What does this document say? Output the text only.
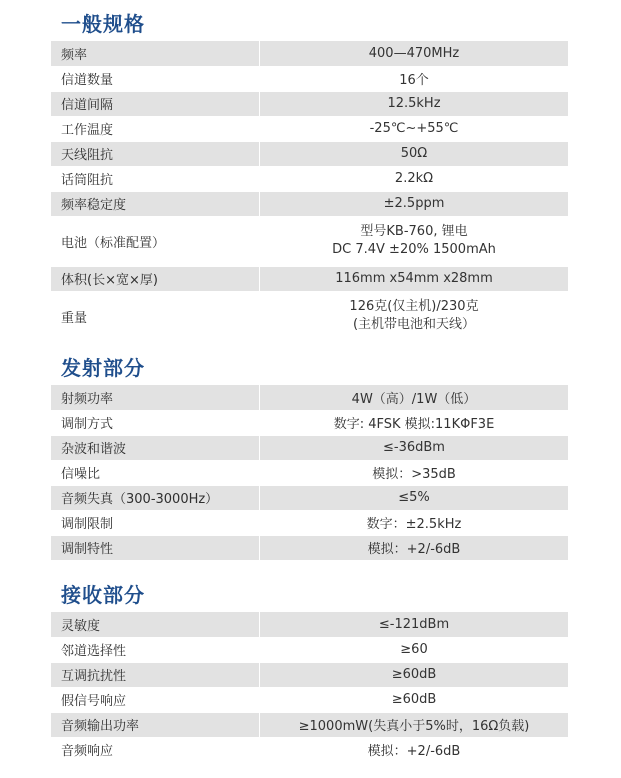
一般规格
频率		400—470MHz
信道数量		16个
信道间隔		12.5kHz
工作温度		-25℃~+55℃
天线阻抗		50Ω
话筒阻抗		2.2kΩ
频率稳定度		±2.5ppm
电池（标准配置）		型号KB-760, 锂电
DC 7.4V ±20% 1500mAh

体积(长×宽×厚)		116mm x54mm x28mm
重量		126克(仅主机)/230克
(主机带电池和天线）
发射部分
射频功率		4W（高）/1W（低）
调制方式		数字: 4FSK 模拟:11KΦF3E
杂波和谐波		≤-36dBm
信噪比		模拟：>35dB
音频失真（300-3000Hz）		≤5%
调制限制		数字：±2.5kHz
调制特性		模拟：+2/-6dB
接收部分
灵敏度		≤-121dBm
邻道选择性		≥60
互调抗扰性		≥60dB
假信号响应		≥60dB
音频输出功率		≥1000mW(失真小于5%时，16Ω负载)
音频响应		模拟：+2/-6dB
